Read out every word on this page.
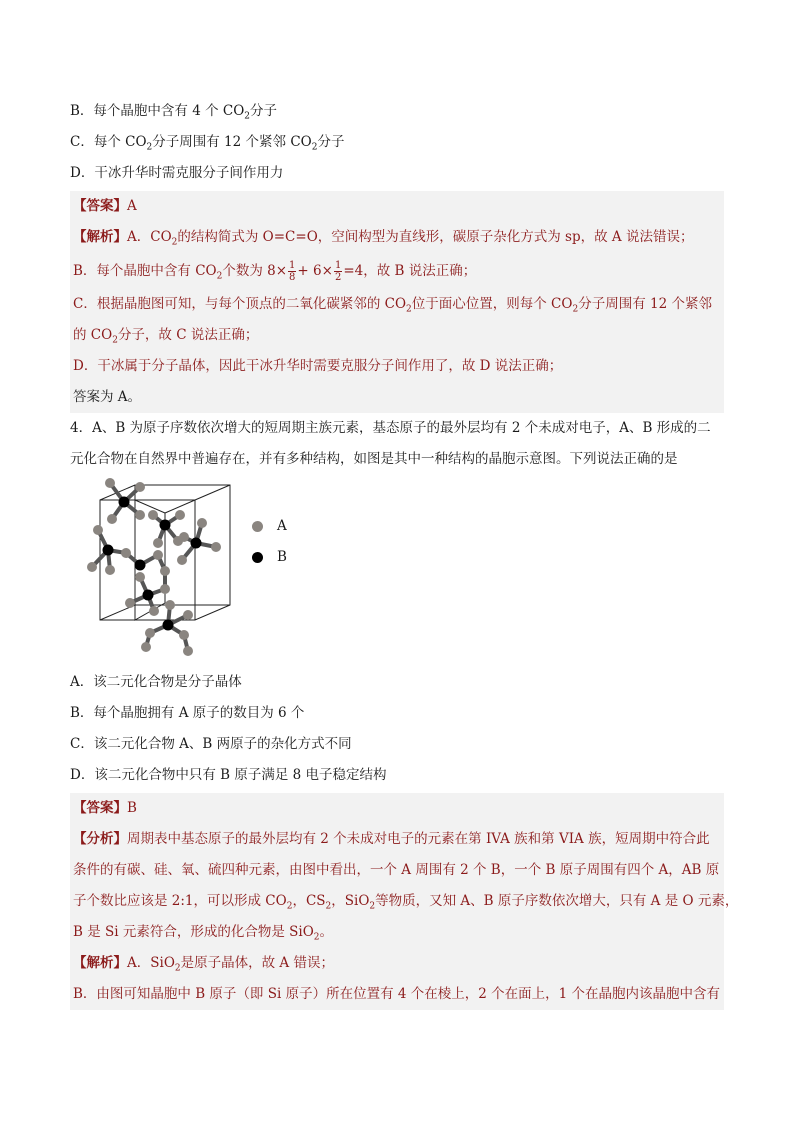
B．每个晶胞中含有 4 个 $CO_2$分子
C．每个 $CO_2$分子周围有 12 个紧邻 $CO_2$分子
D．干冰升华时需克服分子间作用力
【答案】A
【解析】A．$CO_2$的结构简式为 O=C=O，空间构型为直线形，碳原子杂化方式为 sp，故 A 说法错误；
B．每个晶胞中含有 $CO_2$个数为 $8\times \frac{1}{8} + 6\times \frac{1}{2} =4$，故 B 说法正确；
C．根据晶胞图可知，与每个顶点的二氧化碳紧邻的 $CO_2$位于面心位置，则每个 $CO_2$分子周围有 12 个紧邻
的 $CO_2$分子，故 C 说法正确；
D．干冰属于分子晶体，因此干冰升华时需要克服分子间作用了，故 D 说法正确；
答案为 A。
4．A、B 为原子序数依次增大的短周期主族元素，基态原子的最外层均有 2 个未成对电子，A、B 形成的二
元化合物在自然界中普遍存在，并有多种结构，如图是其中一种结构的晶胞示意图。下列说法正确的是
A
B
A．该二元化合物是分子晶体
B．每个晶胞拥有 A 原子的数目为 6 个
C．该二元化合物 A、B 两原子的杂化方式不同
D．该二元化合物中只有 B 原子满足 8 电子稳定结构
【答案】B
【分析】周期表中基态原子的最外层均有 2 个未成对电子的元素在第 IVA 族和第 VIA 族，短周期中符合此
条件的有碳、硅、氧、硫四种元素，由图中看出，一个 A 周围有 2 个 B，一个 B 原子周围有四个 A，AB 原
子个数比应该是 2:1，可以形成 $CO_2$，$CS_2$，SiO$_2$等物质，又知 A、B 原子序数依次增大，只有 A 是 O 元素，
B 是 Si 元素符合，形成的化合物是 SiO$_2$。
【解析】A．SiO$_2$是原子晶体，故 A 错误；
B．由图可知晶胞中 B 原子（即 Si 原子）所在位置有 4 个在棱上，2 个在面上，1 个在晶胞内该晶胞中含有
